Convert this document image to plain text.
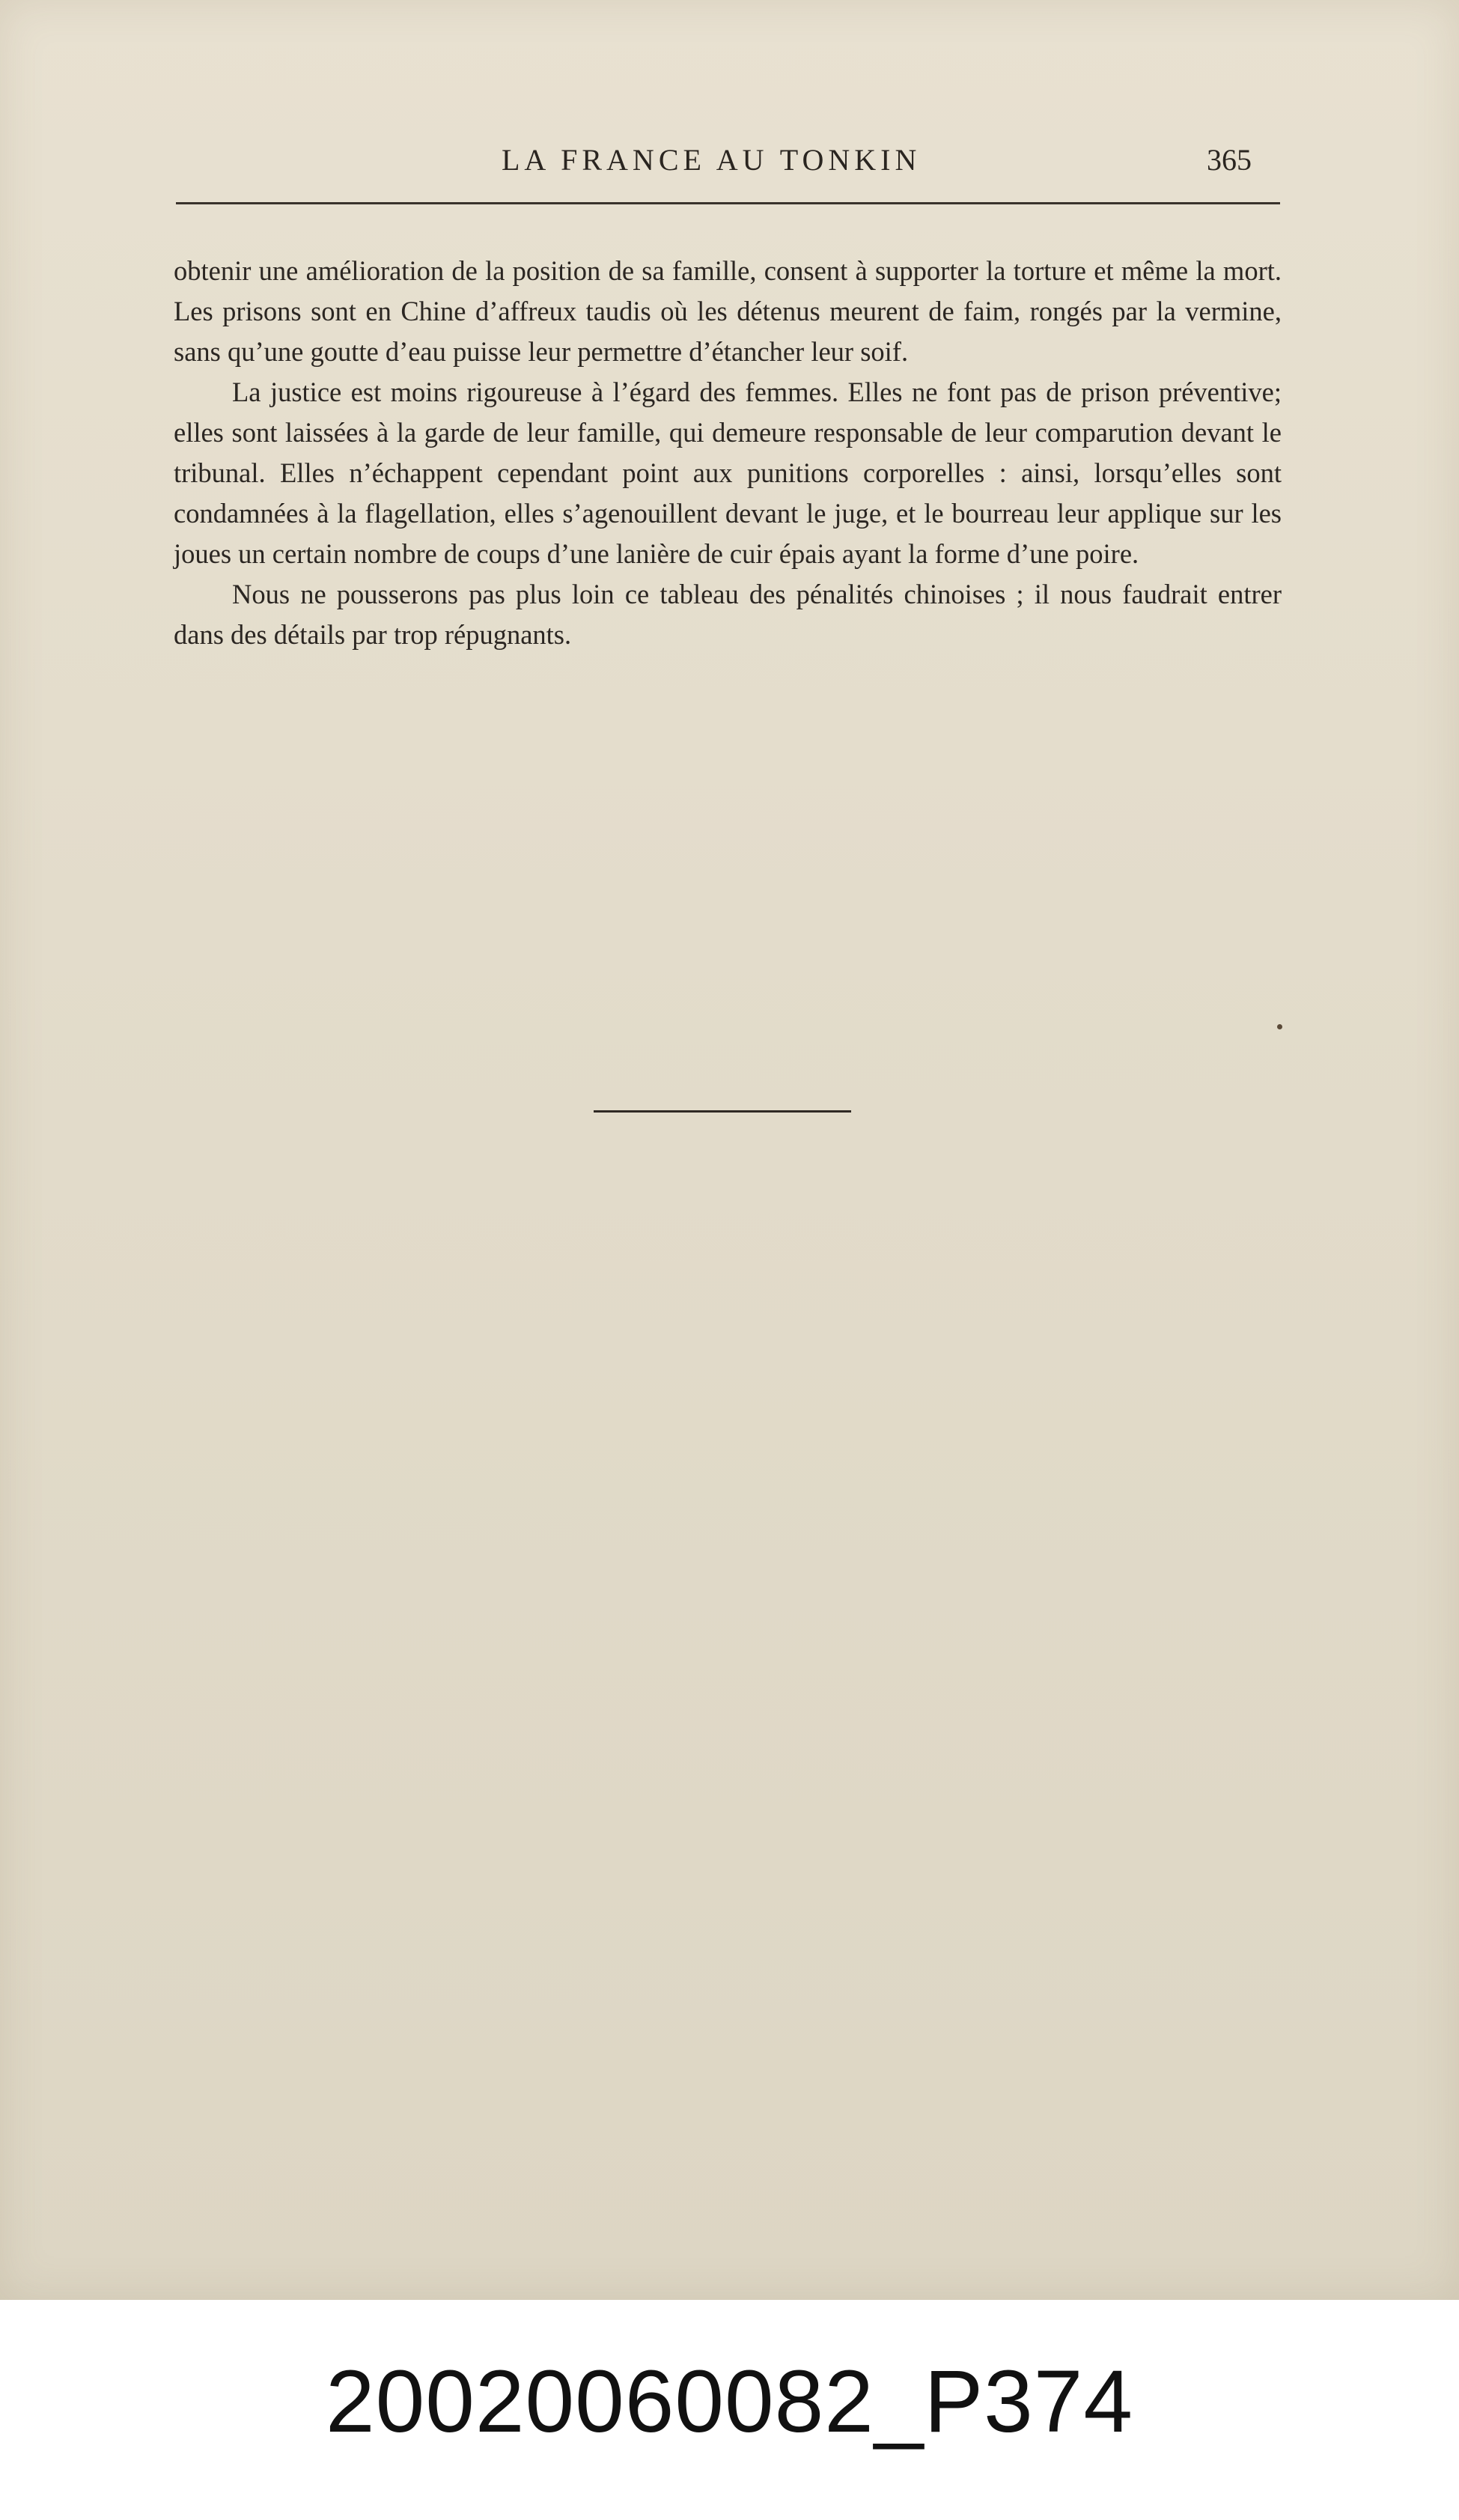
LA FRANCE AU TONKIN	365

obtenir une amélioration de la position de sa famille, consent à supporter la torture et même la mort. Les prisons sont en Chine d’affreux taudis où les détenus meurent de faim, rongés par la vermine, sans qu’une goutte d’eau puisse leur permettre d’étancher leur soif.

La justice est moins rigoureuse à l’égard des femmes. Elles ne font pas de prison préventive; elles sont laissées à la garde de leur famille, qui demeure responsable de leur comparution devant le tribunal. Elles n’échappent cependant point aux punitions corporelles : ainsi, lorsqu’elles sont condamnées à la flagellation, elles s’agenouillent devant le juge, et le bourreau leur applique sur les joues un certain nombre de coups d’une lanière de cuir épais ayant la forme d’une poire.

Nous ne pousserons pas plus loin ce tableau des pénalités chinoises ; il nous faudrait entrer dans des détails par trop répugnants.

20020060082_P374
